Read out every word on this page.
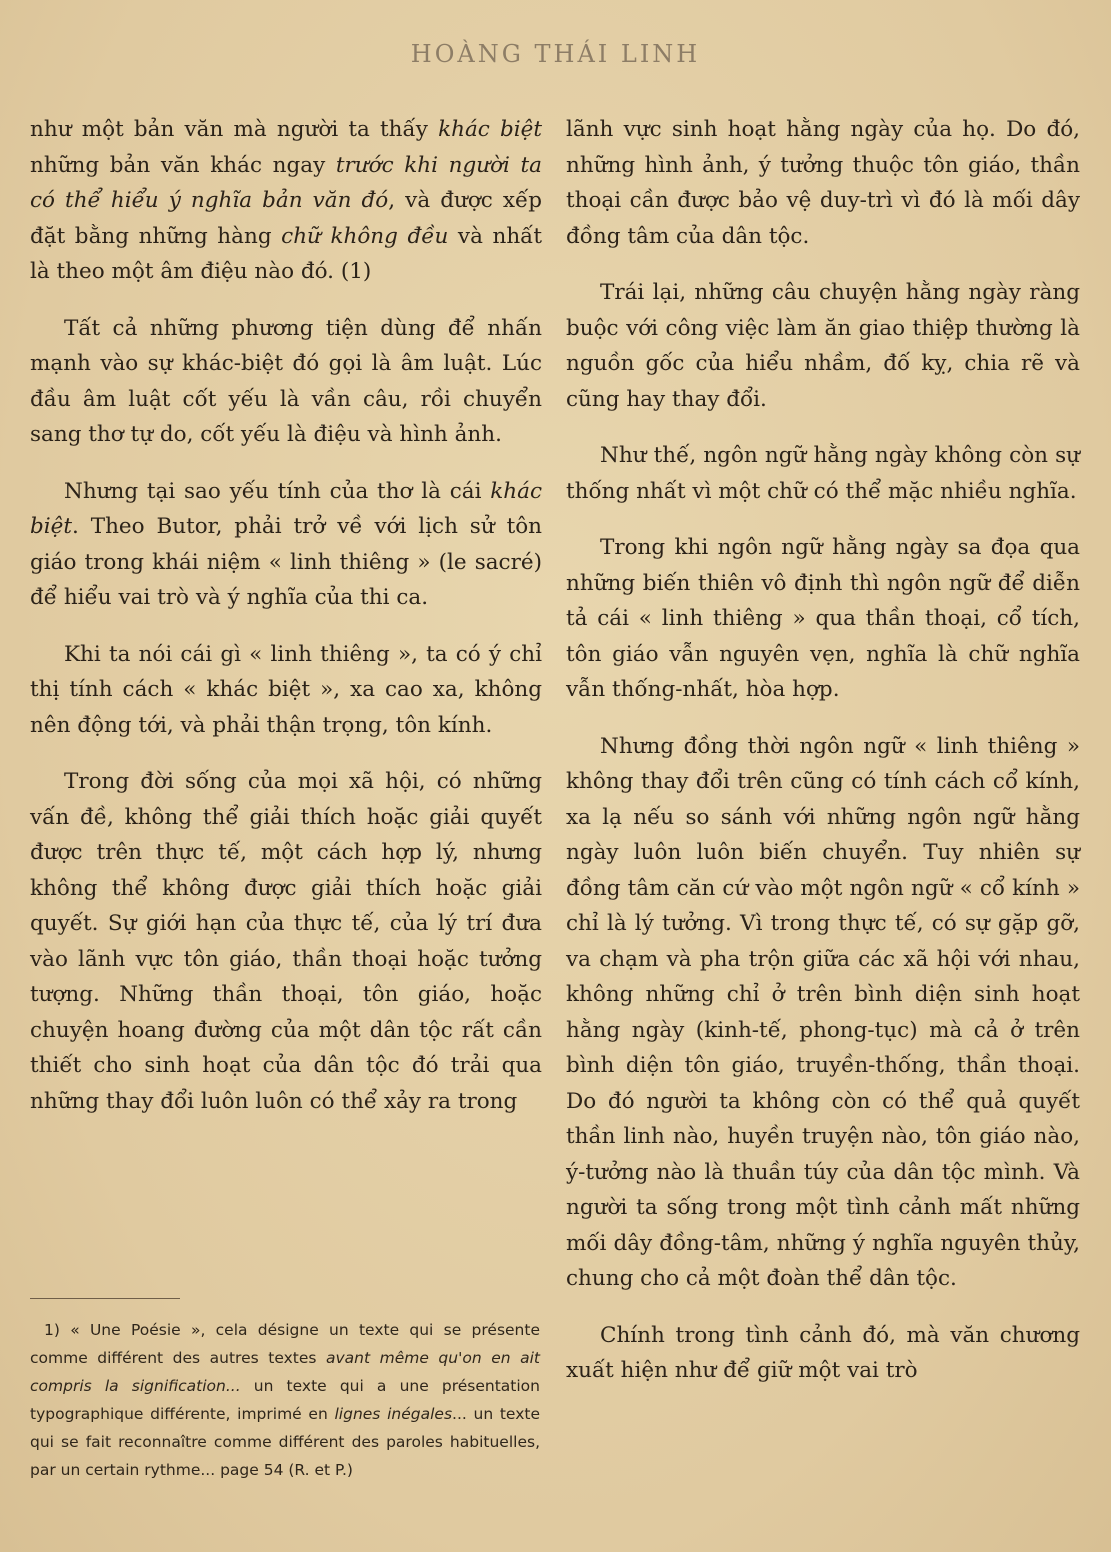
HOÀNG THÁI LINH

như một bản văn mà người ta thấy khác biệt những bản văn khác ngay trước khi người ta có thể hiểu ý nghĩa bản văn đó, và được xếp đặt bằng những hàng chữ không đều và nhất là theo một âm điệu nào đó. (1)

Tất cả những phương tiện dùng để nhấn mạnh vào sự khác-biệt đó gọi là âm luật. Lúc đầu âm luật cốt yếu là vần câu, rồi chuyển sang thơ tự do, cốt yếu là điệu và hình ảnh.

Nhưng tại sao yếu tính của thơ là cái khác biệt. Theo Butor, phải trở về với lịch sử tôn giáo trong khái niệm « linh thiêng » (le sacré) để hiểu vai trò và ý nghĩa của thi ca.

Khi ta nói cái gì « linh thiêng », ta có ý chỉ thị tính cách « khác biệt », xa cao xa, không nên động tới, và phải thận trọng, tôn kính.

Trong đời sống của mọi xã hội, có những vấn đề, không thể giải thích hoặc giải quyết được trên thực tế, một cách hợp lý, nhưng không thể không được giải thích hoặc giải quyết. Sự giới hạn của thực tế, của lý trí đưa vào lãnh vực tôn giáo, thần thoại hoặc tưởng tượng. Những thần thoại, tôn giáo, hoặc chuyện hoang đường của một dân tộc rất cần thiết cho sinh hoạt của dân tộc đó trải qua những thay đổi luôn luôn có thể xảy ra trong

1) « Une Poésie », cela désigne un texte qui se présente comme différent des autres textes avant même qu'on en ait compris la signification... un texte qui a une présentation typographique différente, imprimé en lignes inégales... un texte qui se fait reconnaître comme différent des paroles habituelles, par un certain rythme... page 54 (R. et P.)

lãnh vực sinh hoạt hằng ngày của họ. Do đó, những hình ảnh, ý tưởng thuộc tôn giáo, thần thoại cần được bảo vệ duy-trì vì đó là mối dây đồng tâm của dân tộc.

Trái lại, những câu chuyện hằng ngày ràng buộc với công việc làm ăn giao thiệp thường là nguồn gốc của hiểu nhầm, đố kỵ, chia rẽ và cũng hay thay đổi.

Như thế, ngôn ngữ hằng ngày không còn sự thống nhất vì một chữ có thể mặc nhiều nghĩa.

Trong khi ngôn ngữ hằng ngày sa đọa qua những biến thiên vô định thì ngôn ngữ để diễn tả cái « linh thiêng » qua thần thoại, cổ tích, tôn giáo vẫn nguyên vẹn, nghĩa là chữ nghĩa vẫn thống-nhất, hòa hợp.

Nhưng đồng thời ngôn ngữ « linh thiêng » không thay đổi trên cũng có tính cách cổ kính, xa lạ nếu so sánh với những ngôn ngữ hằng ngày luôn luôn biến chuyển. Tuy nhiên sự đồng tâm căn cứ vào một ngôn ngữ « cổ kính » chỉ là lý tưởng. Vì trong thực tế, có sự gặp gỡ, va chạm và pha trộn giữa các xã hội với nhau, không những chỉ ở trên bình diện sinh hoạt hằng ngày (kinh-tế, phong-tục) mà cả ở trên bình diện tôn giáo, truyền-thống, thần thoại. Do đó người ta không còn có thể quả quyết thần linh nào, huyền truyện nào, tôn giáo nào, ý-tưởng nào là thuần túy của dân tộc mình. Và người ta sống trong một tình cảnh mất những mối dây đồng-tâm, những ý nghĩa nguyên thủy, chung cho cả một đoàn thể dân tộc.

Chính trong tình cảnh đó, mà văn chương xuất hiện như để giữ một vai trò
